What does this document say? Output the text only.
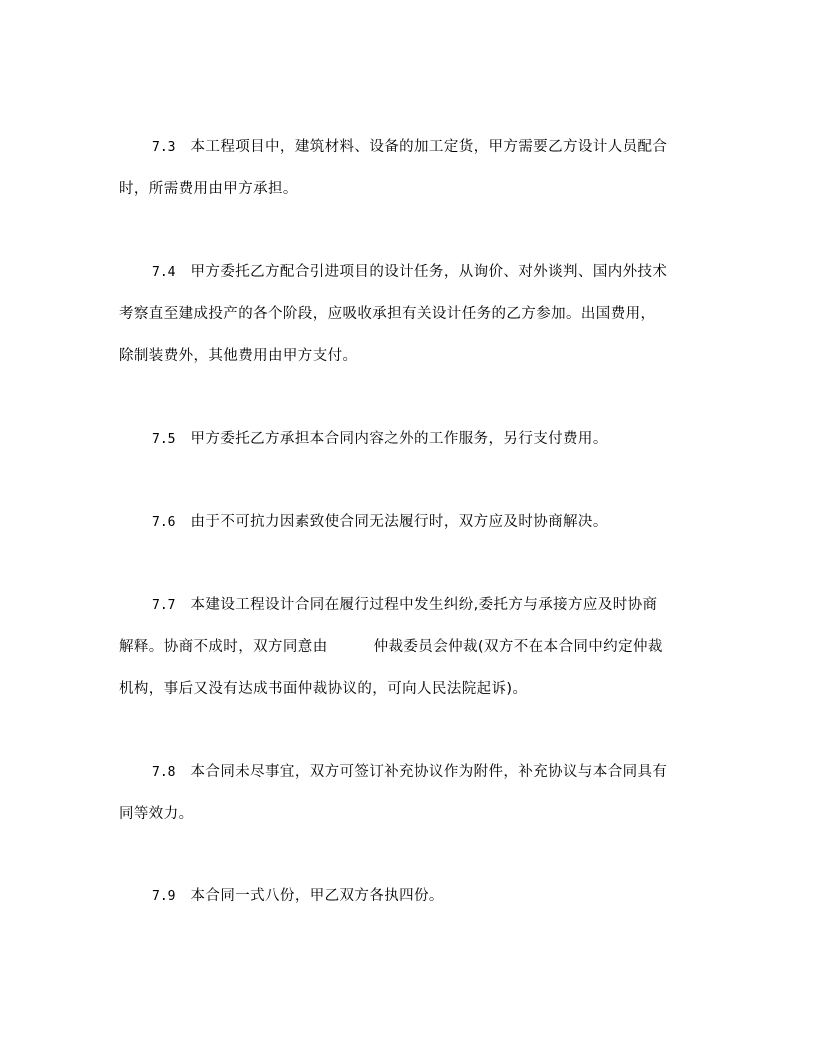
7.3 本工程项目中，建筑材料、设备的加工定货，甲方需要乙方设计人员配合
时，所需费用由甲方承担。
7.4 甲方委托乙方配合引进项目的设计任务，从询价、对外谈判、国内外技术
考察直至建成投产的各个阶段，应吸收承担有关设计任务的乙方参加。出国费用，
除制装费外，其他费用由甲方支付。
7.5 甲方委托乙方承担本合同内容之外的工作服务，另行支付费用。
7.6 由于不可抗力因素致使合同无法履行时，双方应及时协商解决。
7.7 本建设工程设计合同在履行过程中发生纠纷,委托方与承接方应及时协商
解释。协商不成时，双方同意由	仲裁委员会仲裁(双方不在本合同中约定仲裁
机构，事后又没有达成书面仲裁协议的，可向人民法院起诉)。
7.8 本合同未尽事宜，双方可签订补充协议作为附件，补充协议与本合同具有
同等效力。
7.9 本合同一式八份，甲乙双方各执四份。
